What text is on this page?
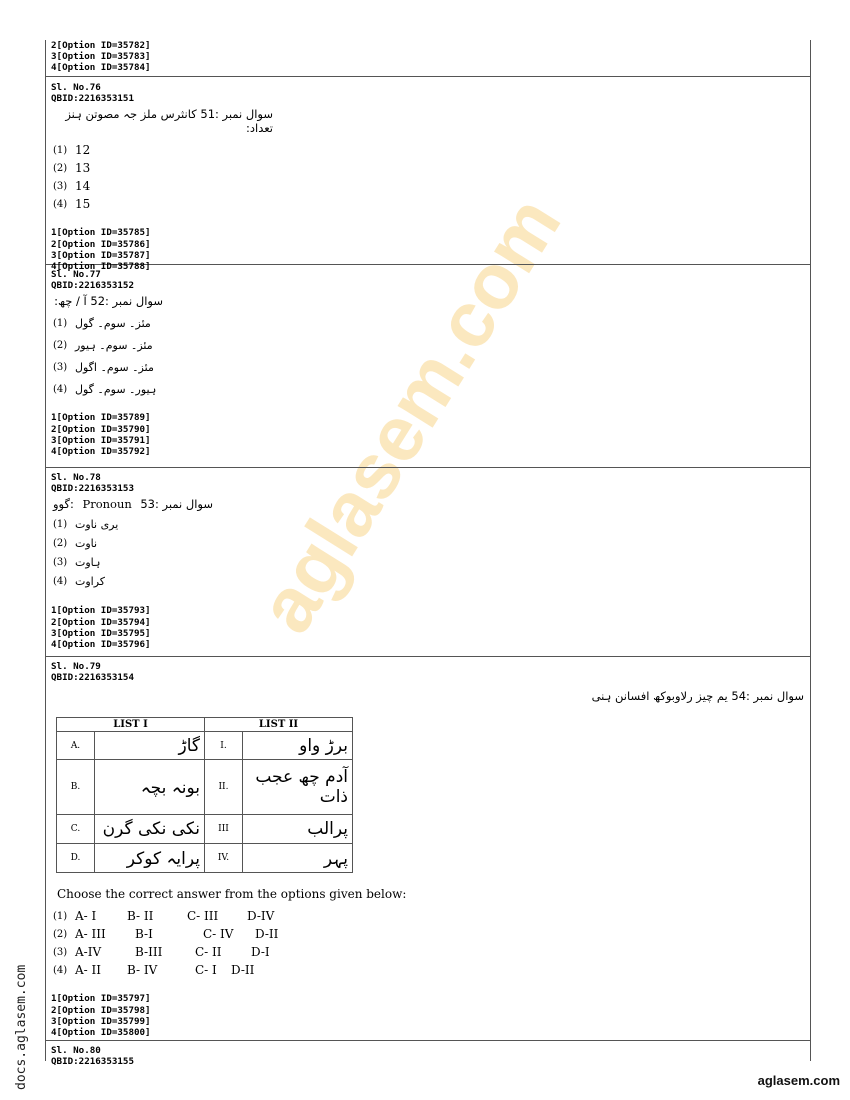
aglasem.com
2[Option ID=35782]
3[Option ID=35783]
4[Option ID=35784]
Sl. No.76
QBID:2216353151
سوال نمبر :51 کانثرس ملز جہ مصوتن ہنز تعداد:
(1) 12
(2) 13
(3) 14
(4) 15
1[Option ID=35785]
2[Option ID=35786]
3[Option ID=35787]
4[Option ID=35788]
Sl. No.77
QBID:2216353152
سوال نمبر :52 آ / چھ:
(1) مئز۔ سوم۔ گول
(2) مئز۔ سوم۔ ہیور
(3) مئز۔ سوم۔ اگول
(4) ہیور۔ سوم۔ گول
1[Option ID=35789]
2[Option ID=35790]
3[Option ID=35791]
4[Option ID=35792]
Sl. No.78
QBID:2216353153
گوو: Pronoun سوال نمبر :53
(1) یری ناوت
(2) ناوت
(3) ہاوت
(4) کراوت
1[Option ID=35793]
2[Option ID=35794]
3[Option ID=35795]
4[Option ID=35796]
Sl. No.79
QBID:2216353154
سوال نمبر :54 یم چیز رلاوبوکھ افسانن ہنی
LIST I		LIST II	
A.	گاڑ	I.	برڑ واو
B.	بونہ بچہ	II.	آدم چھ عجب ذات
C.	نکی نکی گرن	III	پرالب
D.	پرایہ کوکر	IV.	پہر
Choose the correct answer from the options given below:
(1) A- I	B- II	C- III	D-IV
(2) A- III	B-I	C- IV	D-II
(3) A-IV	B-III	C- II	D-I
(4) A- II	B- IV	C- I	D-II
1[Option ID=35797]
2[Option ID=35798]
3[Option ID=35799]
4[Option ID=35800]
Sl. No.80
QBID:2216353155
docs.aglasem.com	aglasem.com
